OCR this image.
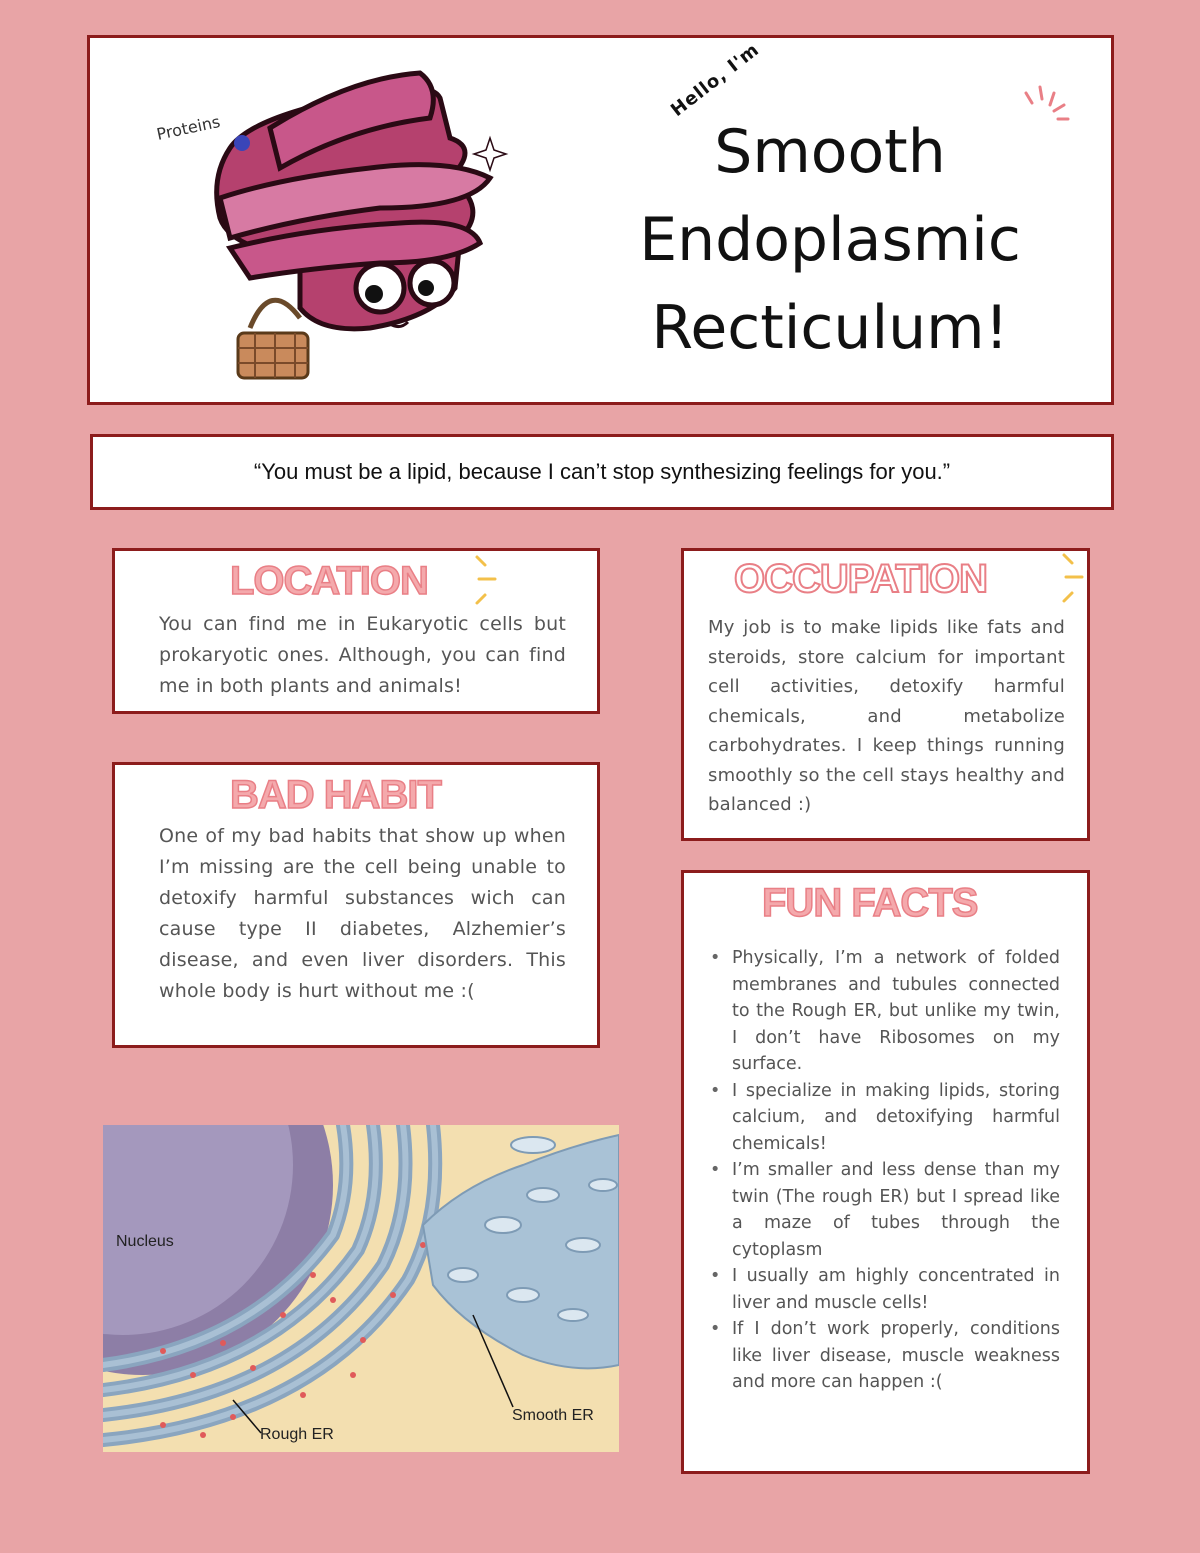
Proteins
Hello, I'm
Smooth
Endoplasmic
Recticulum!
“You must be a lipid, because I can’t stop synthesizing feelings for you.”
LOCATION
You can find me in Eukaryotic cells but prokaryotic ones. Although, you can find me in both plants and animals!
BAD HABIT
One of my bad habits that show up when I’m missing are the cell being unable to detoxify harmful substances wich can cause type II diabetes, Alzhemier’s disease, and even liver disorders. This whole body is hurt without me :(
OCCUPATION
My job is to make lipids like fats and steroids, store calcium for important cell activities, detoxify harmful chemicals, and metabolize carbohydrates. I keep things running smoothly so the cell stays healthy and balanced :)
FUN FACTS
• Physically, I’m a network of folded membranes and tubules connected to the Rough ER, but unlike my twin, I don’t have Ribosomes on my surface.
• I specialize in making lipids, storing calcium, and detoxifying harmful chemicals!
• I’m smaller and less dense than my twin (The rough ER) but I spread like a maze of tubes through the cytoplasm
• I usually am highly concentrated in liver and muscle cells!
• If I don’t work properly, conditions like liver disease, muscle weakness and more can happen :(
Nucleus
Rough ER
Smooth ER
